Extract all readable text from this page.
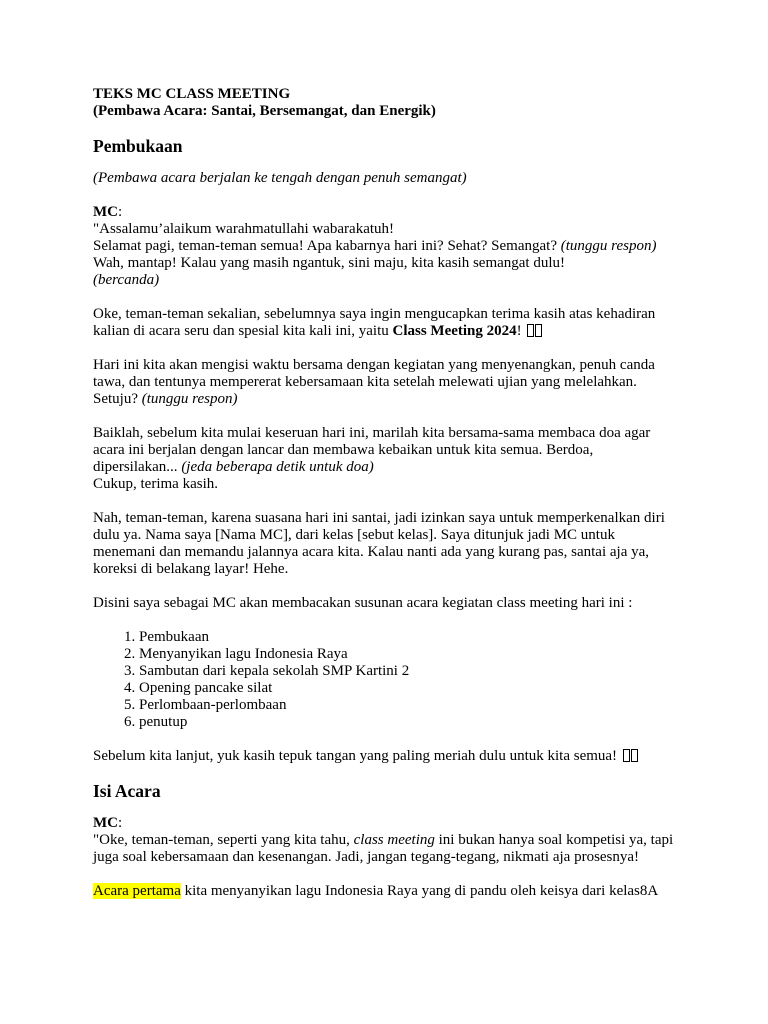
TEKS MC CLASS MEETING

(Pembawa Acara: Santai, Bersemangat, dan Energik)

Pembukaan

(Pembawa acara berjalan ke tengah dengan penuh semangat)

MC:

"Assalamu’alaikum warahmatullahi wabarakatuh!

Selamat pagi, teman-teman semua! Apa kabarnya hari ini? Sehat? Semangat? (tunggu respon) Wah, mantap! Kalau yang masih ngantuk, sini maju, kita kasih semangat dulu!
(bercanda)

Oke, teman-teman sekalian, sebelumnya saya ingin mengucapkan terima kasih atas kehadiran kalian di acara seru dan spesial kita kali ini, yaitu Class Meeting 2024!

Hari ini kita akan mengisi waktu bersama dengan kegiatan yang menyenangkan, penuh canda tawa, dan tentunya mempererat kebersamaan kita setelah melewati ujian yang melelahkan. Setuju? (tunggu respon)

Baiklah, sebelum kita mulai keseruan hari ini, marilah kita bersama-sama membaca doa agar acara ini berjalan dengan lancar dan membawa kebaikan untuk kita semua. Berdoa, dipersilakan... (jeda beberapa detik untuk doa)
Cukup, terima kasih.

Nah, teman-teman, karena suasana hari ini santai, jadi izinkan saya untuk memperkenalkan diri dulu ya. Nama saya [Nama MC], dari kelas [sebut kelas]. Saya ditunjuk jadi MC untuk menemani dan memandu jalannya acara kita. Kalau nanti ada yang kurang pas, santai aja ya, koreksi di belakang layar! Hehe.

Disini saya sebagai MC akan membacakan susunan acara kegiatan class meeting hari ini :

1. Pembukaan
2. Menyanyikan lagu Indonesia Raya
3. Sambutan dari kepala sekolah SMP Kartini 2
4. Opening pancake silat
5. Perlombaan-perlombaan
6. penutup

Sebelum kita lanjut, yuk kasih tepuk tangan yang paling meriah dulu untuk kita semua!

Isi Acara

MC:

"Oke, teman-teman, seperti yang kita tahu, class meeting ini bukan hanya soal kompetisi ya, tapi juga soal kebersamaan dan kesenangan. Jadi, jangan tegang-tegang, nikmati aja prosesnya!

Acara pertama kita menyanyikan lagu Indonesia Raya yang di pandu oleh keisya dari kelas8A
